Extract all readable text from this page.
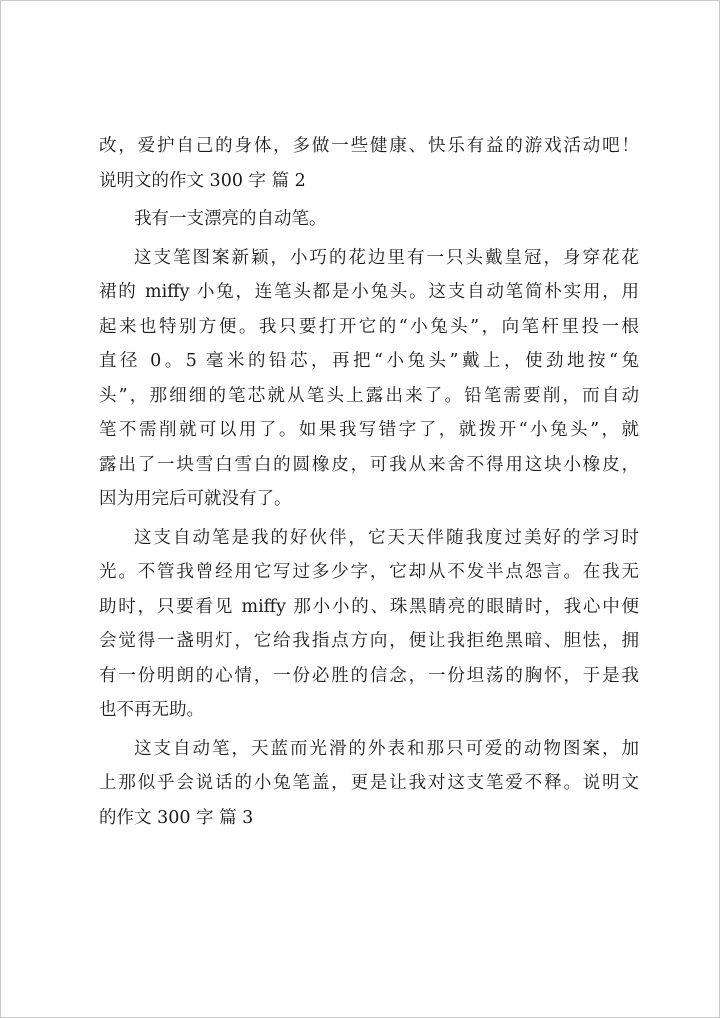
改，爱护自己的身体，多做一些健康、快乐有益的游戏活动吧！
说明文的作文 300 字 篇 2
我有一支漂亮的自动笔。
这支笔图案新颖，小巧的花边里有一只头戴皇冠，身穿花花
裙的 miffy 小兔，连笔头都是小兔头。这支自动笔简朴实用，用
起来也特别方便。我只要打开它的“小兔头”，向笔杆里投一根
直径 0。5 毫米的铅芯，再把“小兔头”戴上，使劲地按“兔
头”，那细细的笔芯就从笔头上露出来了。铅笔需要削，而自动
笔不需削就可以用了。如果我写错字了，就拨开“小兔头”，就
露出了一块雪白雪白的圆橡皮，可我从来舍不得用这块小橡皮，
因为用完后可就没有了。
这支自动笔是我的好伙伴，它天天伴随我度过美好的学习时
光。不管我曾经用它写过多少字，它却从不发半点怨言。在我无
助时，只要看见 miffy 那小小的、珠黑睛亮的眼睛时，我心中便
会觉得一盏明灯，它给我指点方向，便让我拒绝黑暗、胆怯，拥
有一份明朗的心情，一份必胜的信念，一份坦荡的胸怀，于是我
也不再无助。
这支自动笔，天蓝而光滑的外表和那只可爱的动物图案，加
上那似乎会说话的小兔笔盖，更是让我对这支笔爱不释。说明文
的作文 300 字 篇 3
